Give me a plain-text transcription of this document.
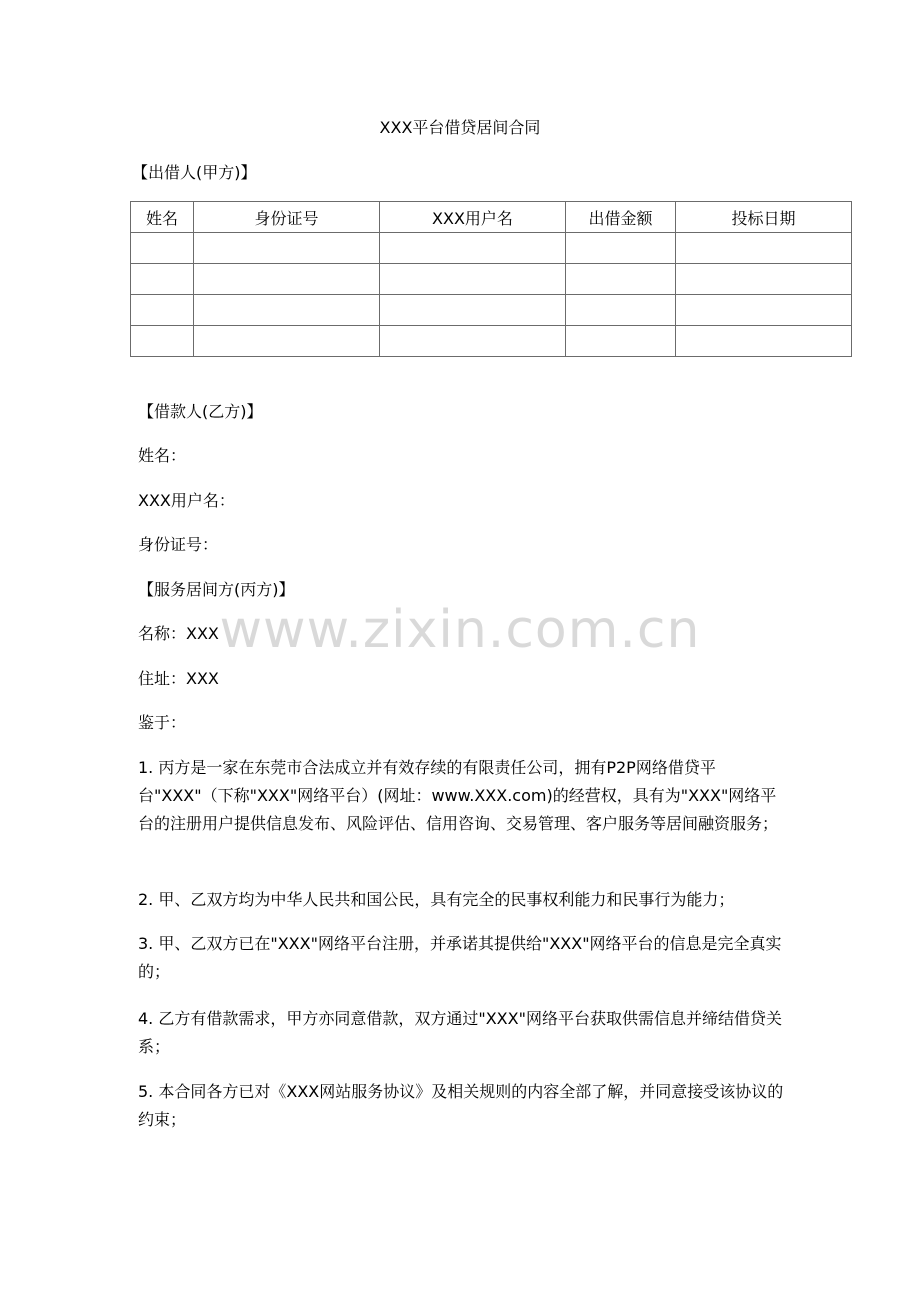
XXX平台借贷居间合同
【出借人(甲方)】
姓名	身份证号	XXX用户名	出借金额	投标日期

【借款人(乙方)】
姓名：
XXX用户名：
身份证号：
【服务居间方(丙方)】
名称：XXX
住址：XXX
鉴于：

1. 丙方是一家在东莞市合法成立并有效存续的有限责任公司，拥有P2P网络借贷平台"XXX"（下称"XXX"网络平台）(网址：www.XXX.com)的经营权，具有为"XXX"网络平台的注册用户提供信息发布、风险评估、信用咨询、交易管理、客户服务等居间融资服务；

2. 甲、乙双方均为中华人民共和国公民，具有完全的民事权利能力和民事行为能力；

3. 甲、乙双方已在"XXX"网络平台注册，并承诺其提供给"XXX"网络平台的信息是完全真实的；

4. 乙方有借款需求，甲方亦同意借款，双方通过"XXX"网络平台获取供需信息并缔结借贷关系；

5. 本合同各方已对《XXX网站服务协议》及相关规则的内容全部了解，并同意接受该协议的约束；

www.zixin.com.cn
